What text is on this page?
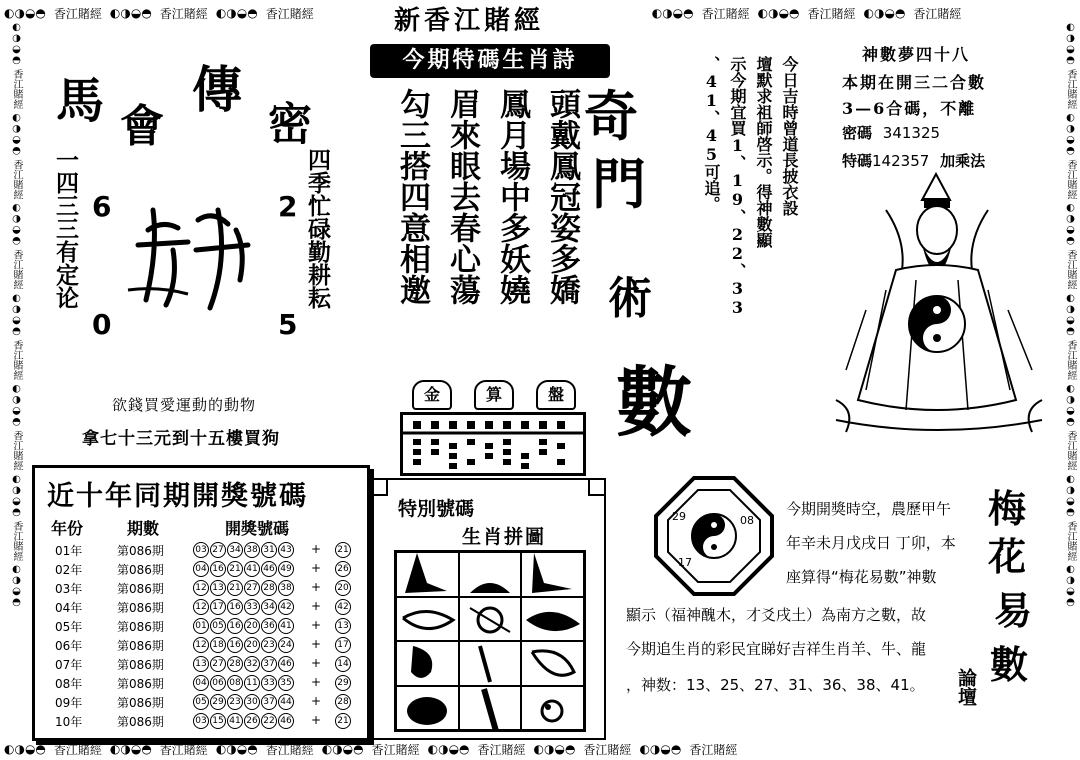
◐◑◒◓ 香江賭經 ◐◑◒◓ 香江賭經 ◐◑◒◓ 香江賭經	◐◑◒◓ 香江賭經 ◐◑◒◓ 香江賭經 ◐◑◒◓ 香江賭經
◐◑◒◓ 香江賭經 ◐◑◒◓ 香江賭經 ◐◑◒◓ 香江賭經 ◐◑◒◓ 香江賭經 ◐◑◒◓ 香江賭經 ◐◑◒◓ 香江賭經 ◐◑◒◓ 香江賭經
◐◑◒◓ 香江賭經 ◐◑◒◓ 香江賭經 ◐◑◒◓ 香江賭經 ◐◑◒◓ 香江賭經 ◐◑◒◓ 香江賭經 ◐◑◒◓ 香江賭經 ◐◑◒◓
◐◑◒◓ 香江賭經 ◐◑◒◓ 香江賭經 ◐◑◒◓ 香江賭經 ◐◑◒◓ 香江賭經 ◐◑◒◓ 香江賭經 ◐◑◒◓ 香江賭經 ◐◑◒◓
新香江賭經
今期特碼生肖詩
馬 會
傳
密
一四三三有定论	四季忙碌勤耕耘
6
0
2
5
欲錢買愛運動的動物
拿七十三元到十五樓買狗
頭戴鳳冠姿多嬌
鳳月場中多妖嬈
眉來眼去春心蕩
勾三搭四意相邀	奇
門
術
數
金	算	盤
今日吉時曾道長披衣設
壇默求祖師啓示。得神數顯
示今期宜買1、19、22、33
、41、45可追。
神數夢四十八
本期在開三二合數
3—6合碼，不離
密碼 341325
特碼142357 加乘法
近十年同期開獎號碼
年份	期數	開獎號碼
01年	第086期	03 27 34 38 31 43 + 21
02年	第086期	04 16 21 41 46 49 + 26
03年	第086期	12 13 21 27 28 38 + 20
04年	第086期	12 17 16 33 34 42 + 42
05年	第086期	01 05 16 20 36 41 + 13
06年	第086期	12 18 16 20 23 24 + 17
07年	第086期	13 27 28 32 37 46 + 14
08年	第086期	04 06 08 11 33 35 + 29
09年	第086期	05 29 23 30 37 44 + 28
10年	第086期	03 15 41 26 22 46 + 21
特別號碼
生肖拼圖
29	08
17
今期開獎時空，農歷甲午
年辛未月戊戌日 丁卯，本
座算得“梅花易數”神數
顯示（福神醜木，才爻戌土）為南方之數，故
今期追生肖的彩民宜睇好吉祥生肖羊、牛、龍
，神数：13、25、27、31、36、38、41。
梅
花
易
數
論壇
